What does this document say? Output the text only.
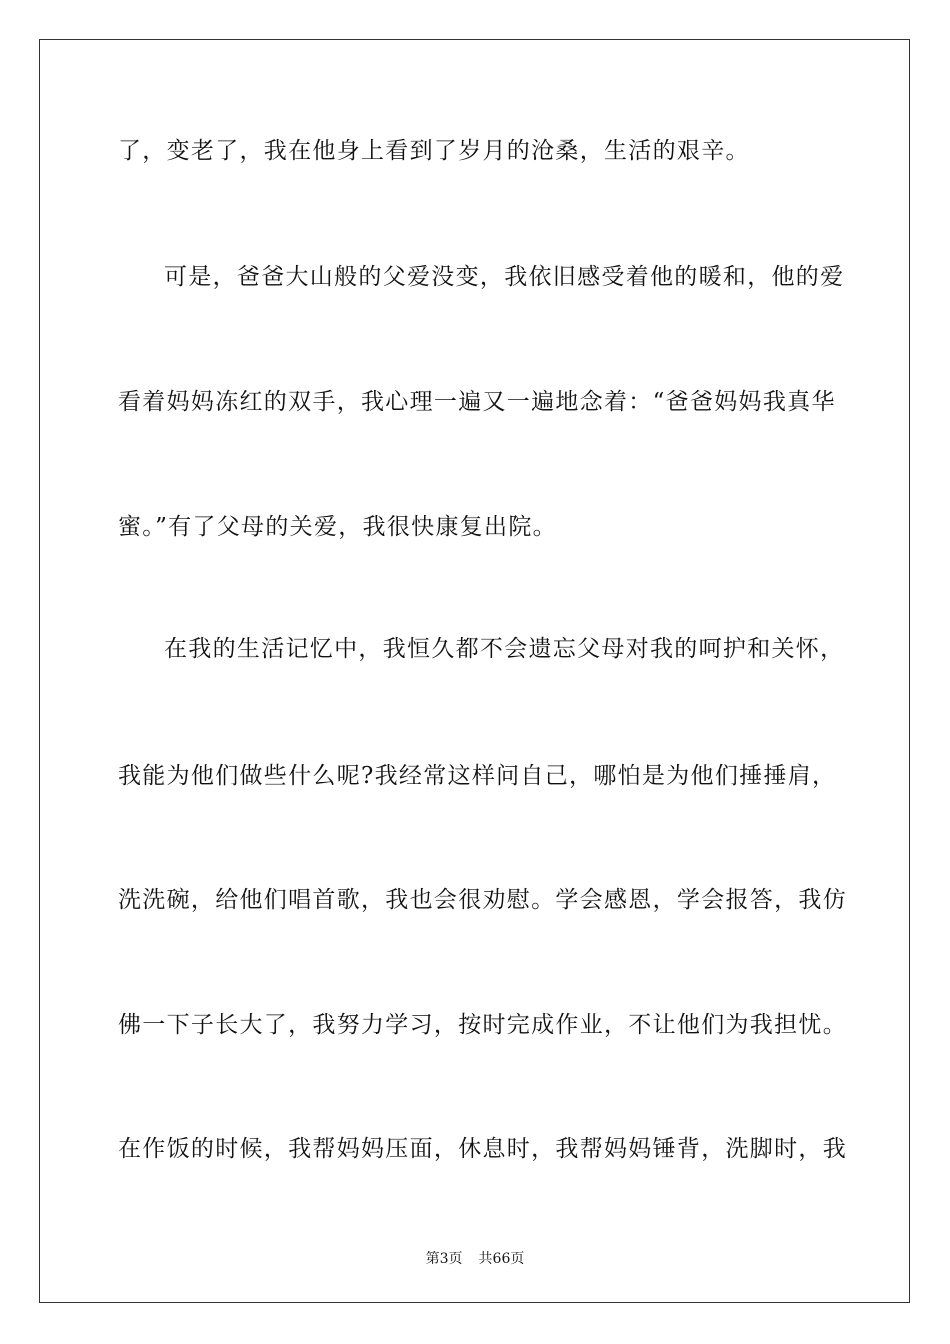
了，变老了，我在他身上看到了岁月的沧桑，生活的艰辛。
可是，爸爸大山般的父爱没变，我依旧感受着他的暖和，他的爱
看着妈妈冻红的双手，我心理一遍又一遍地念着：“爸爸妈妈我真华
蜜。”有了父母的关爱，我很快康复出院。
在我的生活记忆中，我恒久都不会遗忘父母对我的呵护和关怀，
我能为他们做些什么呢?我经常这样问自己，哪怕是为他们捶捶肩，
洗洗碗，给他们唱首歌，我也会很劝慰。学会感恩，学会报答，我仿
佛一下子长大了，我努力学习，按时完成作业，不让他们为我担忧。
在作饭的时候，我帮妈妈压面，休息时，我帮妈妈锤背，洗脚时，我
第3页 共66页
